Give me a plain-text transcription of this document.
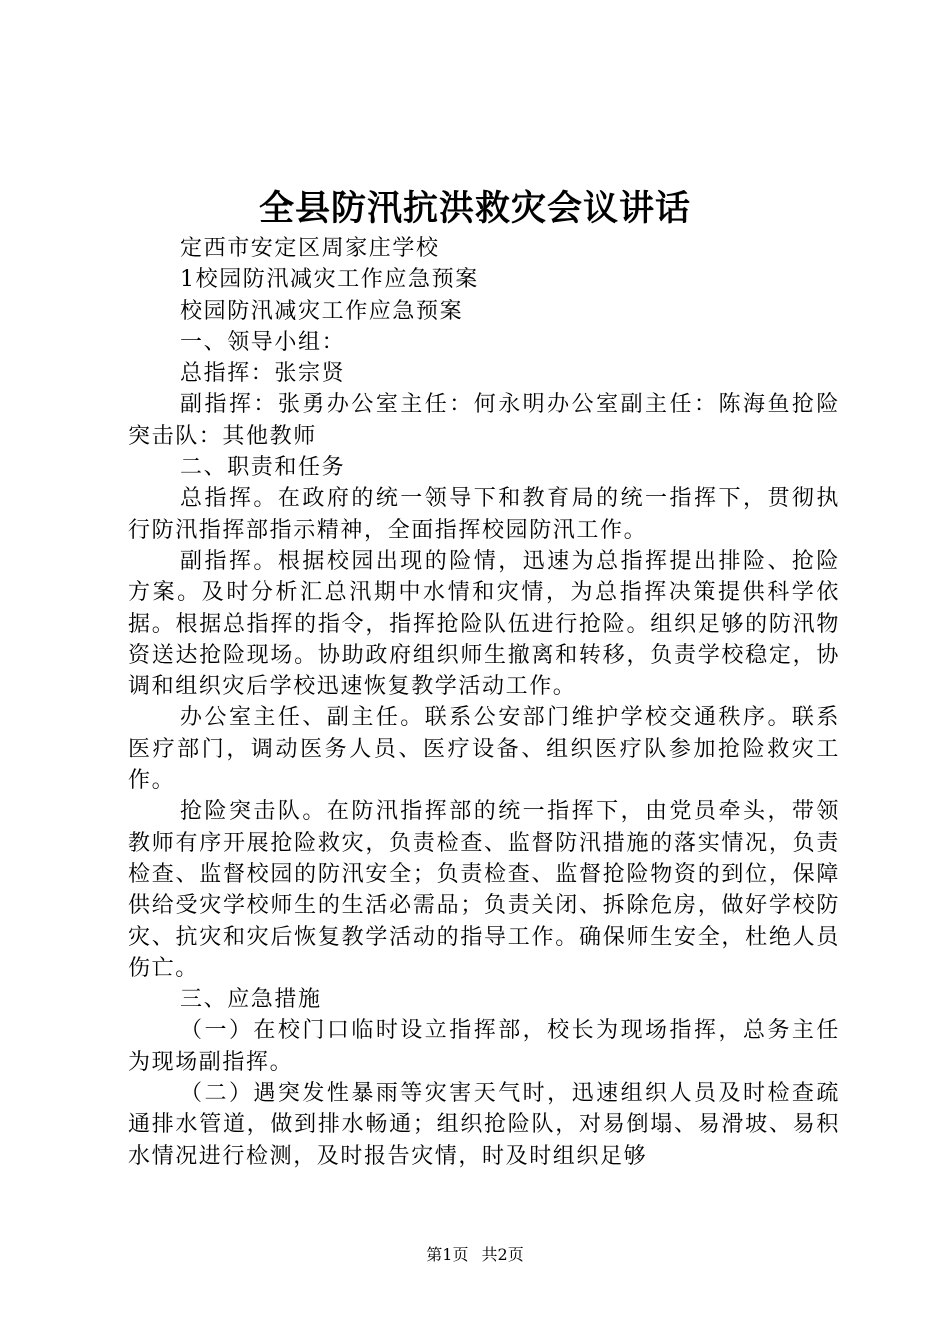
全县防汛抗洪救灾会议讲话

定西市安定区周家庄学校

1校园防汛减灾工作应急预案

校园防汛减灾工作应急预案

一、领导小组：

总指挥：张宗贤

副指挥：张勇办公室主任：何永明办公室副主任：陈海鱼抢险突击队：其他教师

二、职责和任务

总指挥。在政府的统一领导下和教育局的统一指挥下，贯彻执行防汛指挥部指示精神，全面指挥校园防汛工作。

副指挥。根据校园出现的险情，迅速为总指挥提出排险、抢险方案。及时分析汇总汛期中水情和灾情，为总指挥决策提供科学依据。根据总指挥的指令，指挥抢险队伍进行抢险。组织足够的防汛物资送达抢险现场。协助政府组织师生撤离和转移，负责学校稳定，协调和组织灾后学校迅速恢复教学活动工作。

办公室主任、副主任。联系公安部门维护学校交通秩序。联系医疗部门，调动医务人员、医疗设备、组织医疗队参加抢险救灾工作。

抢险突击队。在防汛指挥部的统一指挥下，由党员牵头，带领教师有序开展抢险救灾，负责检查、监督防汛措施的落实情况，负责检查、监督校园的防汛安全；负责检查、监督抢险物资的到位，保障供给受灾学校师生的生活必需品；负责关闭、拆除危房，做好学校防灾、抗灾和灾后恢复教学活动的指导工作。确保师生安全，杜绝人员伤亡。

三、应急措施

（一）在校门口临时设立指挥部，校长为现场指挥，总务主任为现场副指挥。

（二）遇突发性暴雨等灾害天气时，迅速组织人员及时检查疏通排水管道，做到排水畅通；组织抢险队，对易倒塌、易滑坡、易积水情况进行检测，及时报告灾情，时及时组织足够

第1页 共2页
